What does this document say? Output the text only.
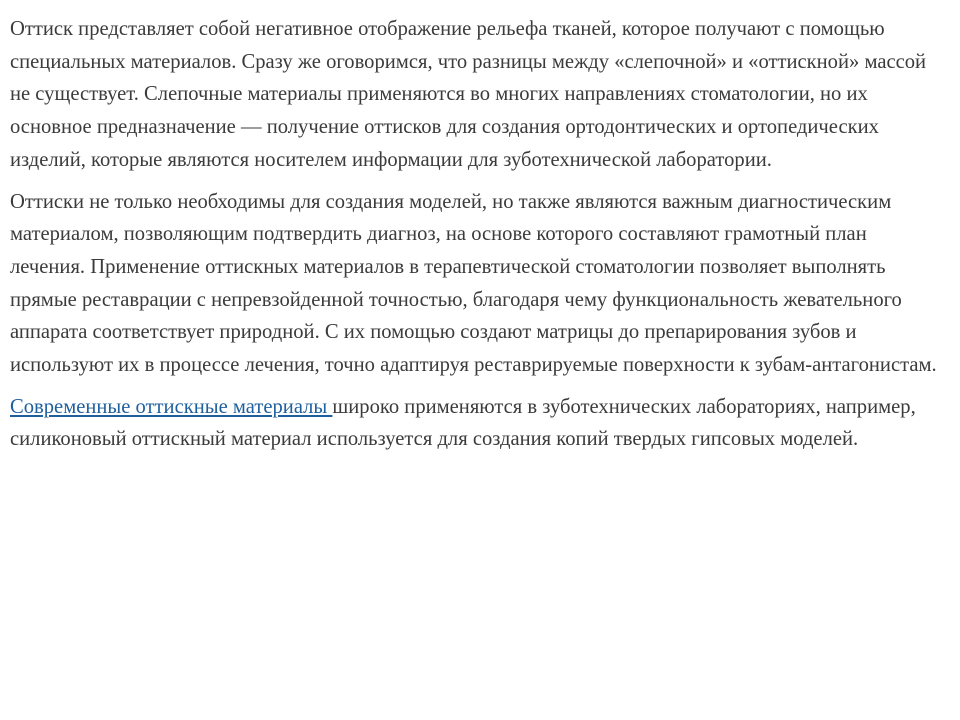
Оттиск представляет собой негативное отображение рельефа тканей, которое получают с помощью специальных материалов. Сразу же оговоримся, что разницы между «слепочной» и «оттискной» массой не существует. Слепочные материалы применяются во многих направлениях стоматологии, но их основное предназначение — получение оттисков для создания ортодонтических и ортопедических изделий, которые являются носителем информации для зуботехнической лаборатории.

Оттиски не только необходимы для создания моделей, но также являются важным диагностическим материалом, позволяющим подтвердить диагноз, на основе которого составляют грамотный план лечения. Применение оттискных материалов в терапевтической стоматологии позволяет выполнять прямые реставрации с непревзойденной точностью, благодаря чему функциональность жевательного аппарата соответствует природной. С их помощью создают матрицы до препарирования зубов и используют их в процессе лечения, точно адаптируя реставрируемые поверхности к зубам-антагонистам.

Современные оттискные материалы широко применяются в зуботехнических лабораториях, например, силиконовый оттискный материал используется для создания копий твердых гипсовых моделей.
